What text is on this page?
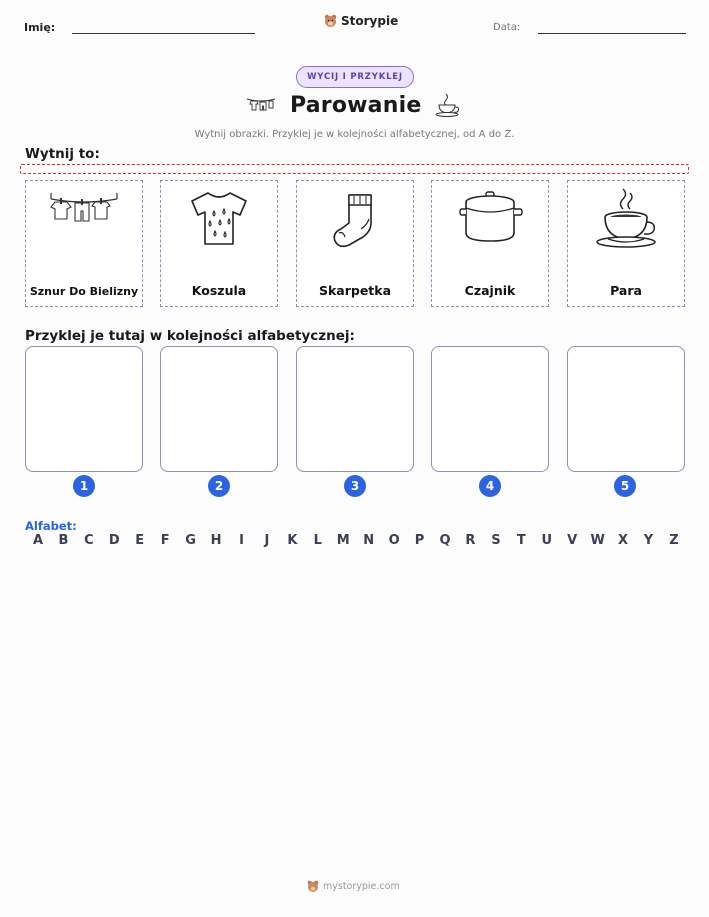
Imię:	Storypie	Data:
WYCIJ I PRZYKLEJ
Parowanie
Wytnij obrazki. Przyklej je w kolejności alfabetycznej, od A do Z.
Wytnij to:
Sznur Do Bielizny	Koszula	Skarpetka	Czajnik	Para
Przyklej je tutaj w kolejności alfabetycznej:
1	2	3	4	5
Alfabet:
A	B	C	D	E	F	G	H	I	J	K	L	M	N	O	P	Q	R	S	T	U	V	W	X	Y	Z
mystorypie.com
